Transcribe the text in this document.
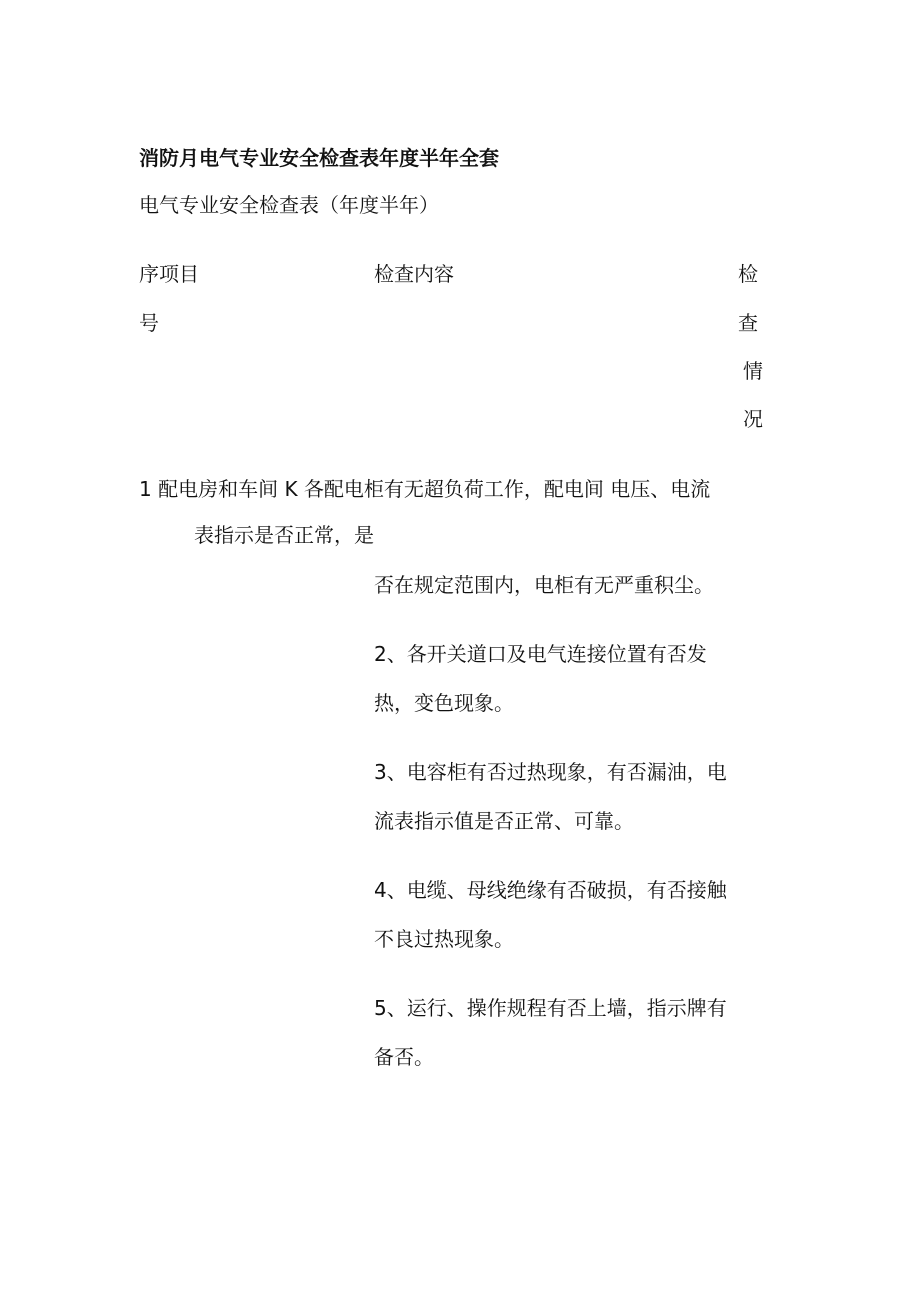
消防月电气专业安全检查表年度半年全套

电气专业安全检查表（年度半年）

序项目

号

检查内容	检
查
情
况

1 配电房和车间 K 各配电柜有无超负荷工作，配电间 电压、电流

表指示是否正常，是

否在规定范围内，电柜有无严重积尘。

2、各开关道口及电气连接位置有否发

热，变色现象。

3、电容柜有否过热现象，有否漏油，电

流表指示值是否正常、可靠。

4、电缆、母线绝缘有否破损，有否接触

不良过热现象。

5、运行、操作规程有否上墙，指示牌有

备否。
